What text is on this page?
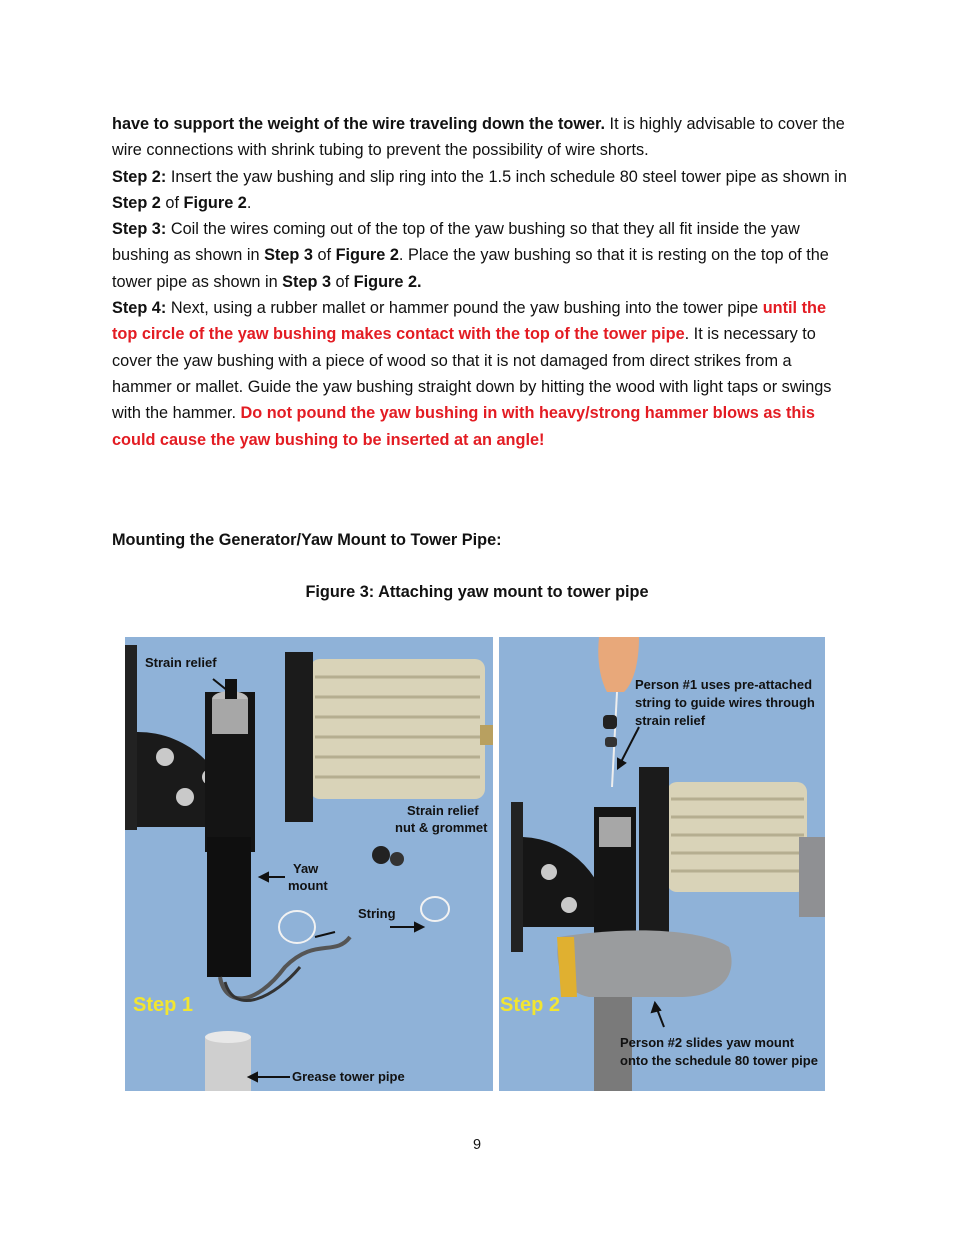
have to support the weight of the wire traveling down the tower. It is highly advisable to cover the wire connections with shrink tubing to prevent the possibility of wire shorts.

Step 2: Insert the yaw bushing and slip ring into the 1.5 inch schedule 80 steel tower pipe as shown in Step 2 of Figure 2.

Step 3: Coil the wires coming out of the top of the yaw bushing so that they all fit inside the yaw bushing as shown in Step 3 of Figure 2. Place the yaw bushing so that it is resting on the top of the tower pipe as shown in Step 3 of Figure 2.

Step 4: Next, using a rubber mallet or hammer pound the yaw bushing into the tower pipe until the top circle of the yaw bushing makes contact with the top of the tower pipe. It is necessary to cover the yaw bushing with a piece of wood so that it is not damaged from direct strikes from a hammer or mallet. Guide the yaw bushing straight down by hitting the wood with light taps or swings with the hammer. Do not pound the yaw bushing in with heavy/strong hammer blows as this could cause the yaw bushing to be inserted at an angle!

Mounting the Generator/Yaw Mount to Tower Pipe:
Figure 3: Attaching yaw mount to tower pipe
Strain relief
Strain relief
nut & grommet
Yaw
mount
String
Step 1
Grease tower pipe
Person #1 uses pre-attached
string to guide wires through
strain relief
Step 2
Person #2 slides yaw mount
onto the schedule 80 tower pipe
9
